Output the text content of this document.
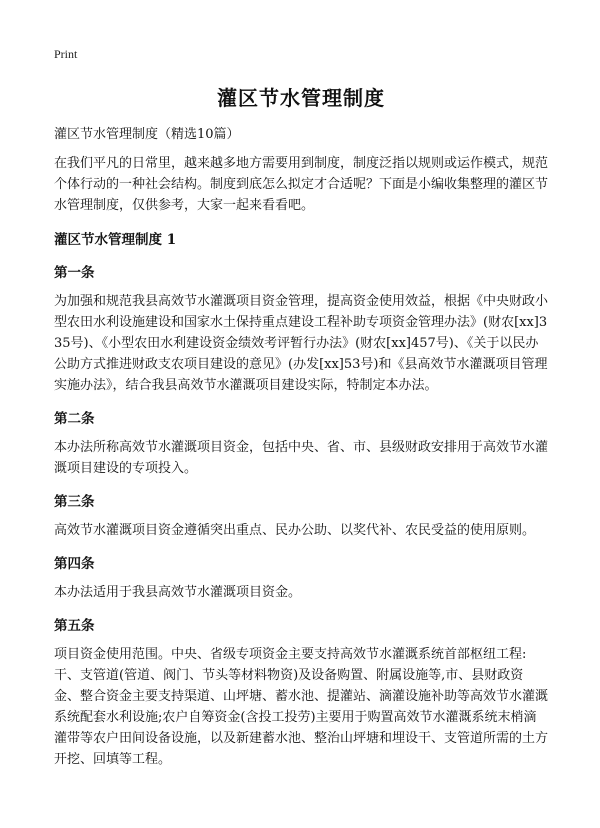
Print

灌区节水管理制度

灌区节水管理制度（精选10篇）

在我们平凡的日常里，越来越多地方需要用到制度，制度泛指以规则或运作模式，规范个体行动的一种社会结构。制度到底怎么拟定才合适呢？下面是小编收集整理的灌区节水管理制度，仅供参考，大家一起来看看吧。

灌区节水管理制度 1
第一条

为加强和规范我县高效节水灌溉项目资金管理，提高资金使用效益，根据《中央财政小型农田水利设施建设和国家水土保持重点建设工程补助专项资金管理办法》(财农[xx]335号)、《小型农田水利建设资金绩效考评暂行办法》(财农[xx]457号)、《关于以民办公助方式推进财政支农项目建设的意见》(办发[xx]53号)和《县高效节水灌溉项目管理实施办法》，结合我县高效节水灌溉项目建设实际，特制定本办法。

第二条

本办法所称高效节水灌溉项目资金，包括中央、省、市、县级财政安排用于高效节水灌溉项目建设的专项投入。

第三条

高效节水灌溉项目资金遵循突出重点、民办公助、以奖代补、农民受益的使用原则。

第四条

本办法适用于我县高效节水灌溉项目资金。

第五条

项目资金使用范围。中央、省级专项资金主要支持高效节水灌溉系统首部枢纽工程:干、支管道(管道、阀门、节头等材料物资)及设备购置、附属设施等,市、县财政资金、整合资金主要支持渠道、山坪塘、蓄水池、提灌站、滴灌设施补助等高效节水灌溉系统配套水利设施;农户自筹资金(含投工投劳)主要用于购置高效节水灌溉系统末梢滴灌带等农户田间设备设施，以及新建蓄水池、整治山坪塘和埋设干、支管道所需的土方开挖、回填等工程。
